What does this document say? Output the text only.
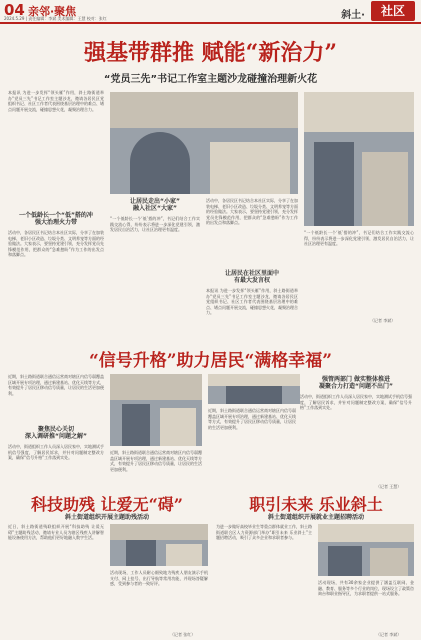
04 亲邻·聚焦
2024.5.29 | 责任编辑：李斌 美术编辑：王慧 校对：张红	斜土·	社区
强基带群推 赋能“新治力”
“党员三先”书记工作室主题沙龙碰撞治理新火花

本报讯 为进一步发挥“领头雁”作用，斜土路街道举办“党员三先”书记工作室主题沙龙，邀请各居民区党组织书记、社区工作者代表围绕基层治理中的难点、堵点问题开展交流，碰撞思想火花，凝聚治理合力。

一个低龄长一个“低”搭的冲
强大治理火力带

活动中，各居民区书记结合本社区实际，分享了在加装电梯、老旧小区改造、垃圾分类、文明养宠等方面的经验做法。大家表示，要坚持党建引领，充分发挥党员先锋模范作用，把群众的“急难愁盼”作为工作的出发点和落脚点。

让居民走出“小家”
融入社区“大家”

“一个低龄长一个‘低’搭的冲”，书记们结合工作实践交流心得，纷纷表示将进一步深化党建引领，激发居民自治活力，让社区治理更有温度。

活动中，各居民区书记结合本社区实际，分享了在加装电梯、老旧小区改造、垃圾分类、文明养宠等方面的经验做法。大家表示，要坚持党建引领，充分发挥党员先锋模范作用，把群众的“急难愁盼”作为工作的出发点和落脚点。

让居民在社区里面中
有最大发言权

本报讯 为进一步发挥“领头雁”作用，斜土路街道举办“党员三先”书记工作室主题沙龙，邀请各居民区党组织书记、社区工作者代表围绕基层治理中的难点、堵点问题开展交流，碰撞思想火花，凝聚治理合力。

“一个低龄长一个‘低’搭的冲”，书记们结合工作实践交流心得，纷纷表示将进一步深化党建引领，激发居民自治活力，让社区治理更有温度。

（记者 李斌）
“信号升格”助力居民“满格幸福”

近期，斜土路街道联合通信运营商对辖区内信号弱覆盖区域开展专项治理，通过新建基站、优化天线等方式，有效提升了居民区移动信号质量，让居民的生活更加便利。

聚焦民心关切
深入调研推“问题之解”

活动中，街道组织工作人员深入居民家中，实地测试手机信号强度，了解居民诉求，并针对问题制定整改方案，确保“信号升格”工作落到实处。

近期，斜土路街道联合通信运营商对辖区内信号弱覆盖区域开展专项治理，通过新建基站、优化天线等方式，有效提升了居民区移动信号质量，让居民的生活更加便利。

强管两部门 做实整体推进
凝聚合力打造“问题不出门”

活动中，街道组织工作人员深入居民家中，实地测试手机信号强度，了解居民诉求，并针对问题制定整改方案，确保“信号升格”工作落到实处。

近期，斜土路街道联合通信运营商对辖区内信号弱覆盖区域开展专项治理，通过新建基站、优化天线等方式，有效提升了居民区移动信号质量，让居民的生活更加便利。

（记者 王慧）
科技助残 让爱无“碍”
斜土街道组织开展主题助残活动

近日，斜土路街道残联组织开展“科技助残 让爱无碍”主题助残活动，邀请专业人员为辖区残疾人讲解智能设备使用方法，帮助他们更好地融入数字生活。

活动现场，工作人员耐心细致地为残疾人朋友演示手机支付、网上挂号、出行导航等常用功能，并现场答疑解惑，受到参与者的一致好评。

（记者 张红）
职引未来 乐业斜土
斜土街道组织开展就业主题招聘活动

为进一步做好高校毕业生等重点群体就业工作，斜土路街道联合区人力资源部门举办“职引未来 乐业斜土”主题招聘活动，吸引了众多企业和求职者参与。

活动现场，共有30余家企业提供了涵盖互联网、金融、教育、服务等多个行业的岗位，现场设立了政策咨询台和职业指导区，为求职者提供一站式服务。

（记者 李斌）
